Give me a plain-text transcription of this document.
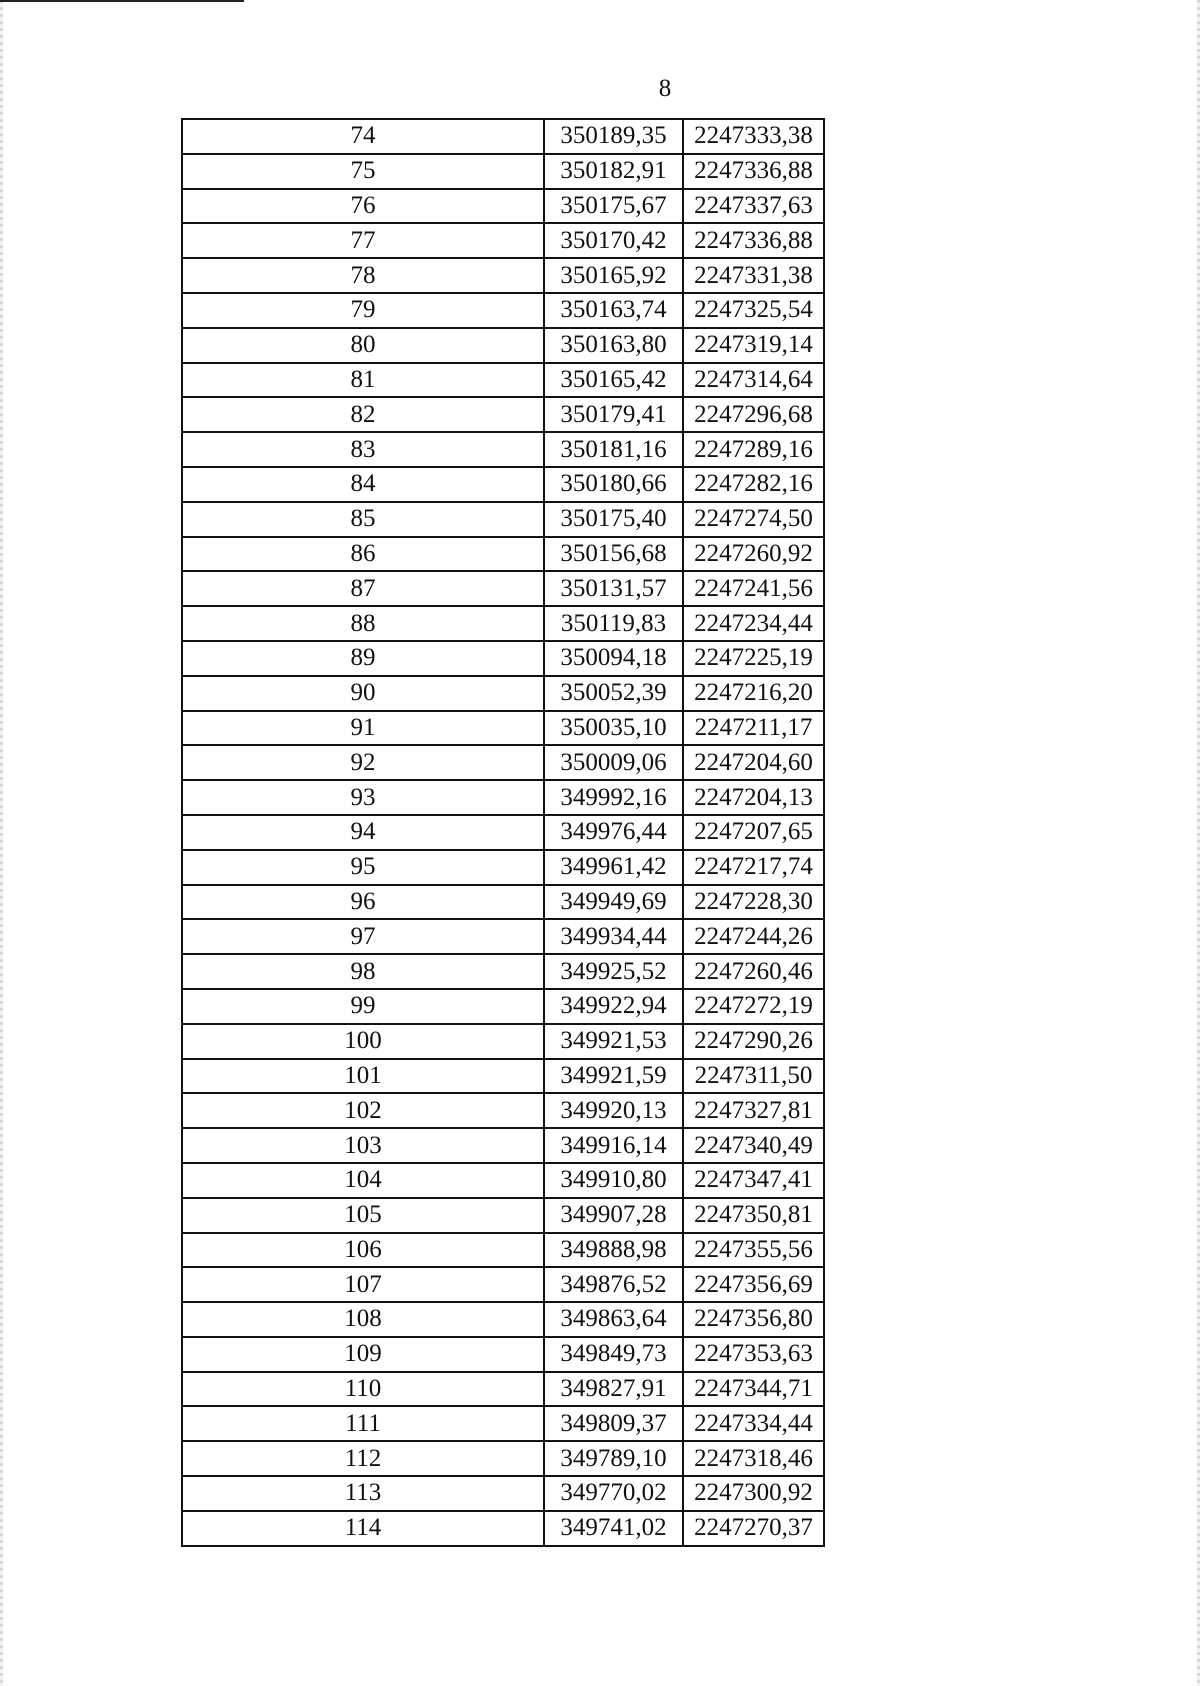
8
74	350189,35	2247333,38
75	350182,91	2247336,88
76	350175,67	2247337,63
77	350170,42	2247336,88
78	350165,92	2247331,38
79	350163,74	2247325,54
80	350163,80	2247319,14
81	350165,42	2247314,64
82	350179,41	2247296,68
83	350181,16	2247289,16
84	350180,66	2247282,16
85	350175,40	2247274,50
86	350156,68	2247260,92
87	350131,57	2247241,56
88	350119,83	2247234,44
89	350094,18	2247225,19
90	350052,39	2247216,20
91	350035,10	2247211,17
92	350009,06	2247204,60
93	349992,16	2247204,13
94	349976,44	2247207,65
95	349961,42	2247217,74
96	349949,69	2247228,30
97	349934,44	2247244,26
98	349925,52	2247260,46
99	349922,94	2247272,19
100	349921,53	2247290,26
101	349921,59	2247311,50
102	349920,13	2247327,81
103	349916,14	2247340,49
104	349910,80	2247347,41
105	349907,28	2247350,81
106	349888,98	2247355,56
107	349876,52	2247356,69
108	349863,64	2247356,80
109	349849,73	2247353,63
110	349827,91	2247344,71
111	349809,37	2247334,44
112	349789,10	2247318,46
113	349770,02	2247300,92
114	349741,02	2247270,37
